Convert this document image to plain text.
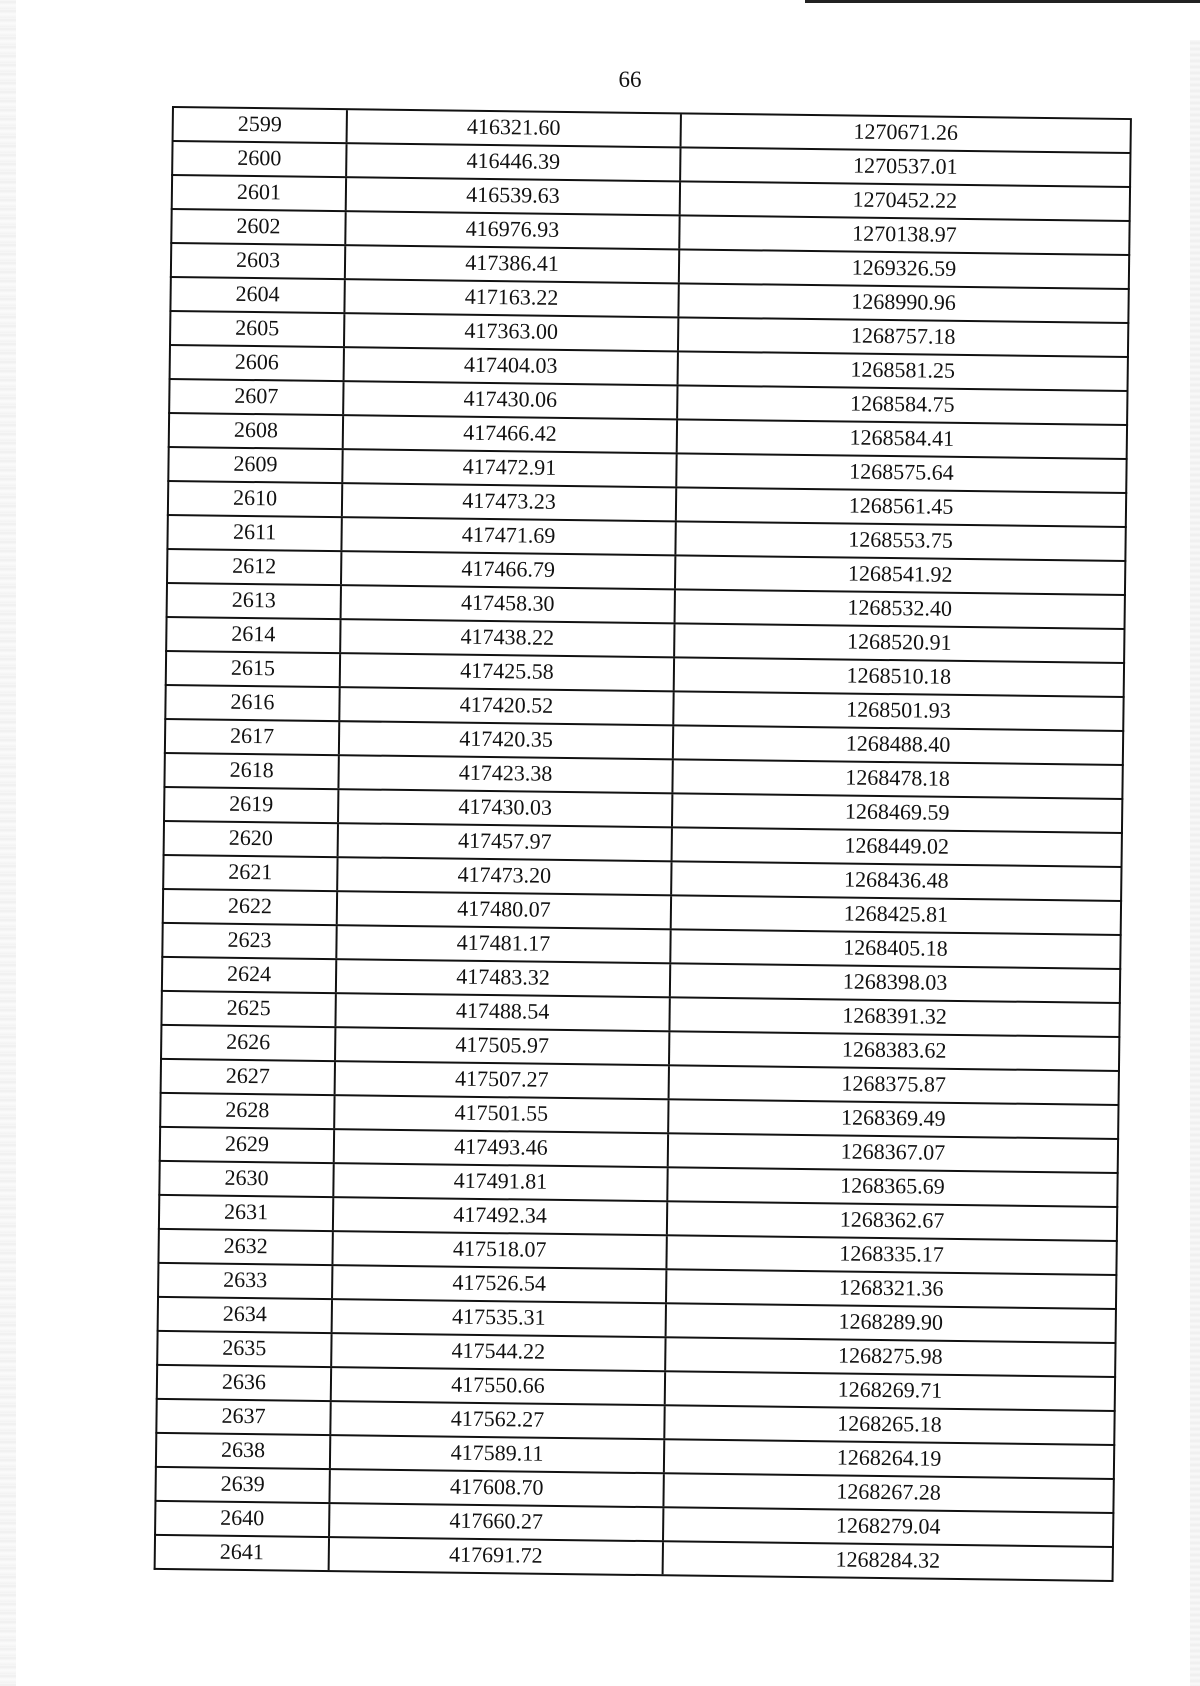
66
2599	416321.60	1270671.26
2600	416446.39	1270537.01
2601	416539.63	1270452.22
2602	416976.93	1270138.97
2603	417386.41	1269326.59
2604	417163.22	1268990.96
2605	417363.00	1268757.18
2606	417404.03	1268581.25
2607	417430.06	1268584.75
2608	417466.42	1268584.41
2609	417472.91	1268575.64
2610	417473.23	1268561.45
2611	417471.69	1268553.75
2612	417466.79	1268541.92
2613	417458.30	1268532.40
2614	417438.22	1268520.91
2615	417425.58	1268510.18
2616	417420.52	1268501.93
2617	417420.35	1268488.40
2618	417423.38	1268478.18
2619	417430.03	1268469.59
2620	417457.97	1268449.02
2621	417473.20	1268436.48
2622	417480.07	1268425.81
2623	417481.17	1268405.18
2624	417483.32	1268398.03
2625	417488.54	1268391.32
2626	417505.97	1268383.62
2627	417507.27	1268375.87
2628	417501.55	1268369.49
2629	417493.46	1268367.07
2630	417491.81	1268365.69
2631	417492.34	1268362.67
2632	417518.07	1268335.17
2633	417526.54	1268321.36
2634	417535.31	1268289.90
2635	417544.22	1268275.98
2636	417550.66	1268269.71
2637	417562.27	1268265.18
2638	417589.11	1268264.19
2639	417608.70	1268267.28
2640	417660.27	1268279.04
2641	417691.72	1268284.32
